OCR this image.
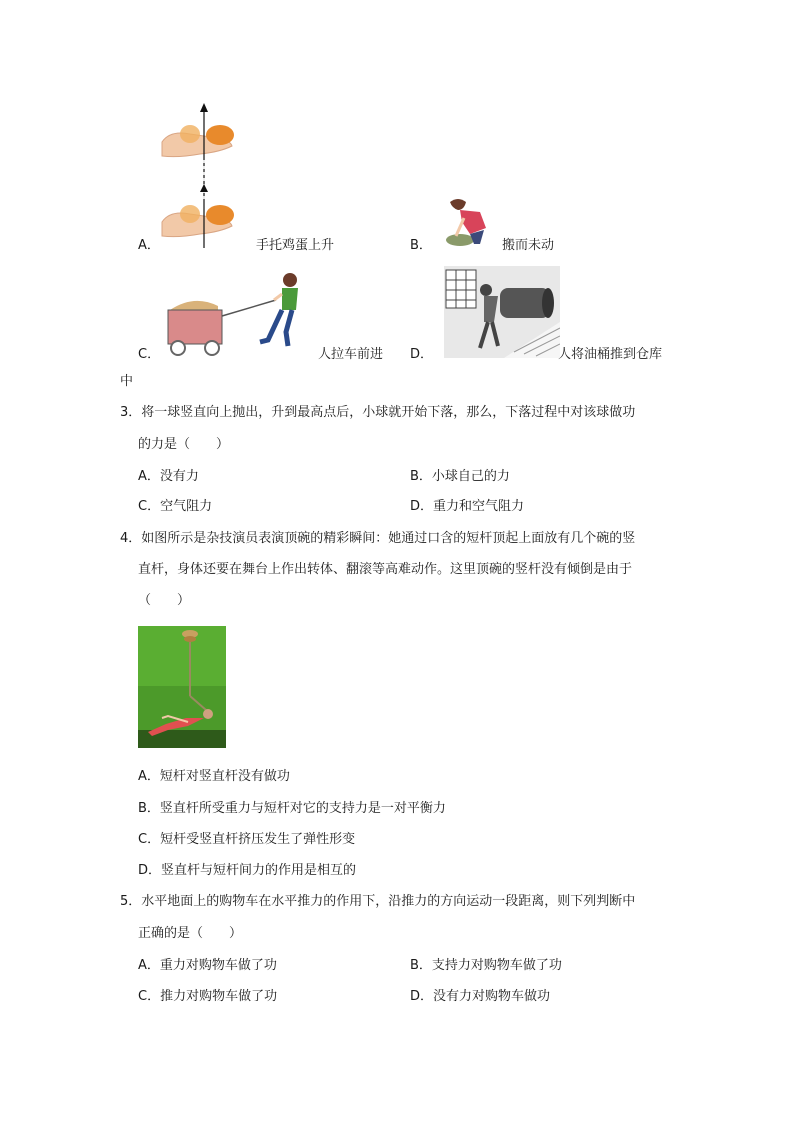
A．	手托鸡蛋上升	B．	搬而未动
C．	人拉车前进 D．	人将油桶推到仓库
中
3．将一球竖直向上抛出，升到最高点后，小球就开始下落，那么，下落过程中对该球做功
的力是（　　）
A．没有力	B．小球自己的力
C．空气阻力	D．重力和空气阻力
4．如图所示是杂技演员表演顶碗的精彩瞬间：她通过口含的短杆顶起上面放有几个碗的竖
直杆，身体还要在舞台上作出转体、翻滚等高难动作。这里顶碗的竖杆没有倾倒是由于
（　　）
A．短杆对竖直杆没有做功
B．竖直杆所受重力与短杆对它的支持力是一对平衡力
C．短杆受竖直杆挤压发生了弹性形变
D．竖直杆与短杆间力的作用是相互的
5．水平地面上的购物车在水平推力的作用下，沿推力的方向运动一段距离，则下列判断中
正确的是（　　）
A．重力对购物车做了功	B．支持力对购物车做了功
C．推力对购物车做了功	D．没有力对购物车做功
